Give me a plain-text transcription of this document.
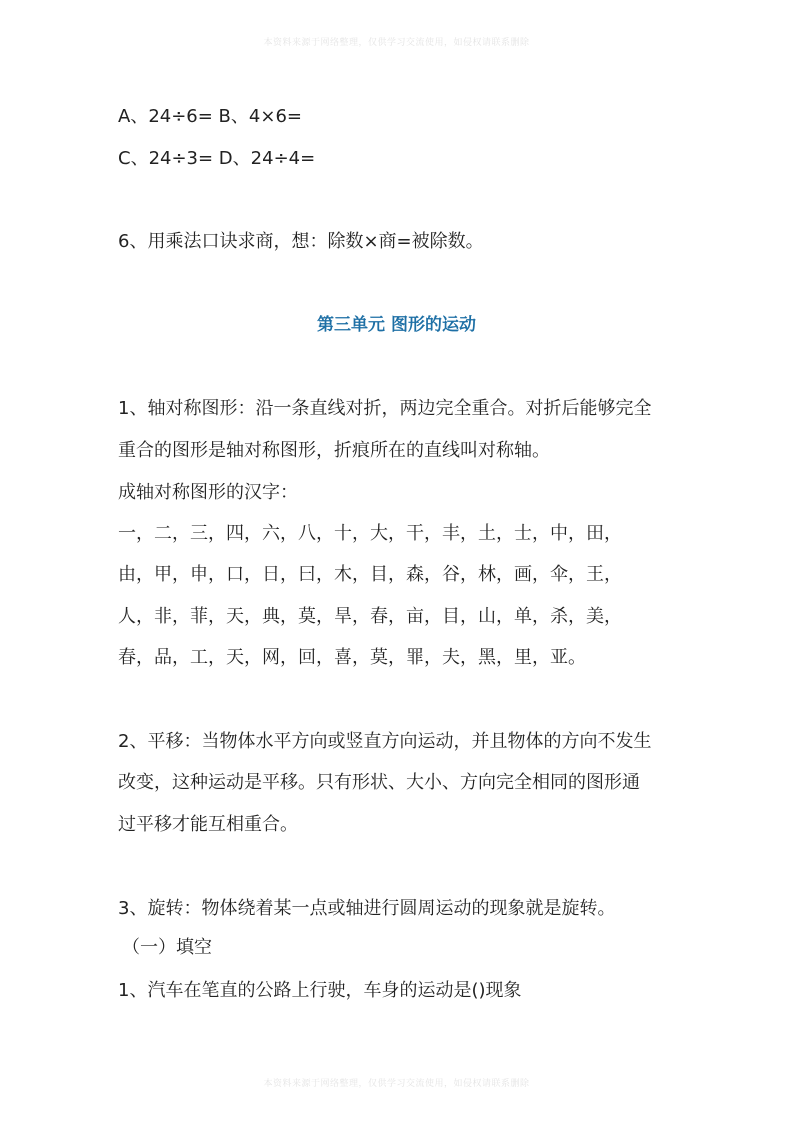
本资料来源于网络整理，仅供学习交流使用，如侵权请联系删除
A、24÷6= B、4×6=
C、24÷3= D、24÷4=
6、用乘法口诀求商，想：除数×商=被除数。
第三单元 图形的运动
1、轴对称图形：沿一条直线对折，两边完全重合。对折后能够完全
重合的图形是轴对称图形，折痕所在的直线叫对称轴。
成轴对称图形的汉字：
一，二，三，四，六，八，十，大，干，丰，土，士，中，田，
由，甲，申，口，日，曰，木，目，森，谷，林，画，伞，王，
人，非，菲，天，典，莫，旱，春，亩，目，山，单，杀，美，
春，品，工，天，网，回，喜，莫，罪，夫，黑，里，亚。
2、平移：当物体水平方向或竖直方向运动，并且物体的方向不发生
改变，这种运动是平移。只有形状、大小、方向完全相同的图形通
过平移才能互相重合。
3、旋转：物体绕着某一点或轴进行圆周运动的现象就是旋转。
（一）填空
1、汽车在笔直的公路上行驶，车身的运动是()现象
本资料来源于网络整理，仅供学习交流使用，如侵权请联系删除
